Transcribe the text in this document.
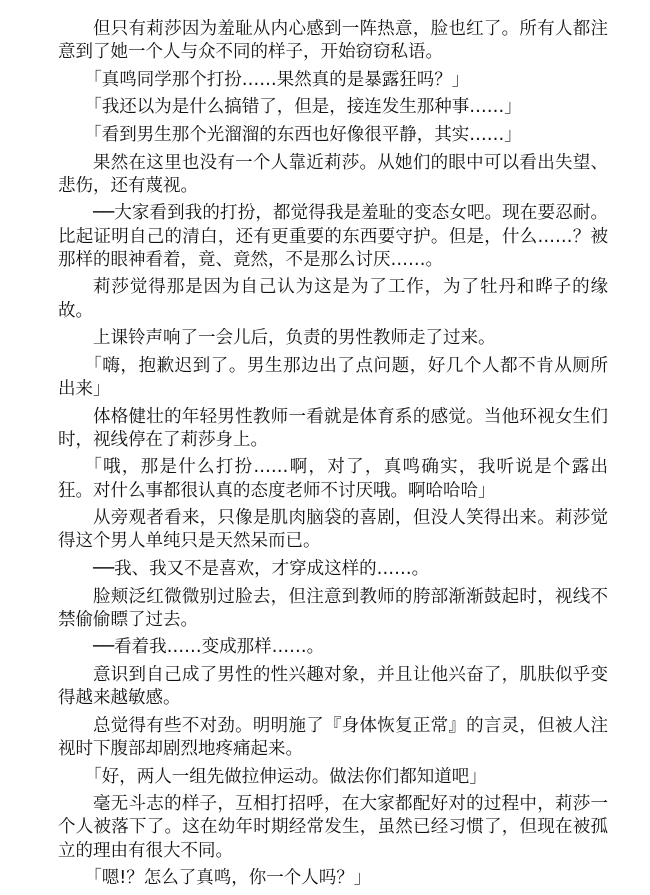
但只有莉莎因为羞耻从内心感到一阵热意，脸也红了。所有人都注意到了她一个人与众不同的样子，开始窃窃私语。

「真鸣同学那个打扮……果然真的是暴露狂吗？」

「我还以为是什么搞错了，但是，接连发生那种事……」

「看到男生那个光溜溜的东西也好像很平静，其实……」

果然在这里也没有一个人靠近莉莎。从她们的眼中可以看出失望、悲伤，还有蔑视。

──大家看到我的打扮，都觉得我是羞耻的变态女吧。现在要忍耐。比起证明自己的清白，还有更重要的东西要守护。但是，什么……？被那样的眼神看着，竟、竟然，不是那么讨厌……。

莉莎觉得那是因为自己认为这是为了工作，为了牡丹和晔子的缘故。

上课铃声响了一会儿后，负责的男性教师走了过来。

「嗨，抱歉迟到了。男生那边出了点问题，好几个人都不肯从厕所出来」

体格健壮的年轻男性教师一看就是体育系的感觉。当他环视女生们时，视线停在了莉莎身上。

「哦，那是什么打扮……啊，对了，真鸣确实，我听说是个露出狂。对什么事都很认真的态度老师不讨厌哦。啊哈哈哈」

从旁观者看来，只像是肌肉脑袋的喜剧，但没人笑得出来。莉莎觉得这个男人单纯只是天然呆而已。

──我、我又不是喜欢，才穿成这样的……。

脸颊泛红微微别过脸去，但注意到教师的胯部渐渐鼓起时，视线不禁偷偷瞟了过去。

──看着我……变成那样……。

意识到自己成了男性的性兴趣对象，并且让他兴奋了，肌肤似乎变得越来越敏感。

总觉得有些不对劲。明明施了『身体恢复正常』的言灵，但被人注视时下腹部却剧烈地疼痛起来。

「好，两人一组先做拉伸运动。做法你们都知道吧」

毫无斗志的样子，互相打招呼，在大家都配好对的过程中，莉莎一个人被落下了。这在幼年时期经常发生，虽然已经习惯了，但现在被孤立的理由有很大不同。

「嗯!？怎么了真鸣，你一个人吗？」
